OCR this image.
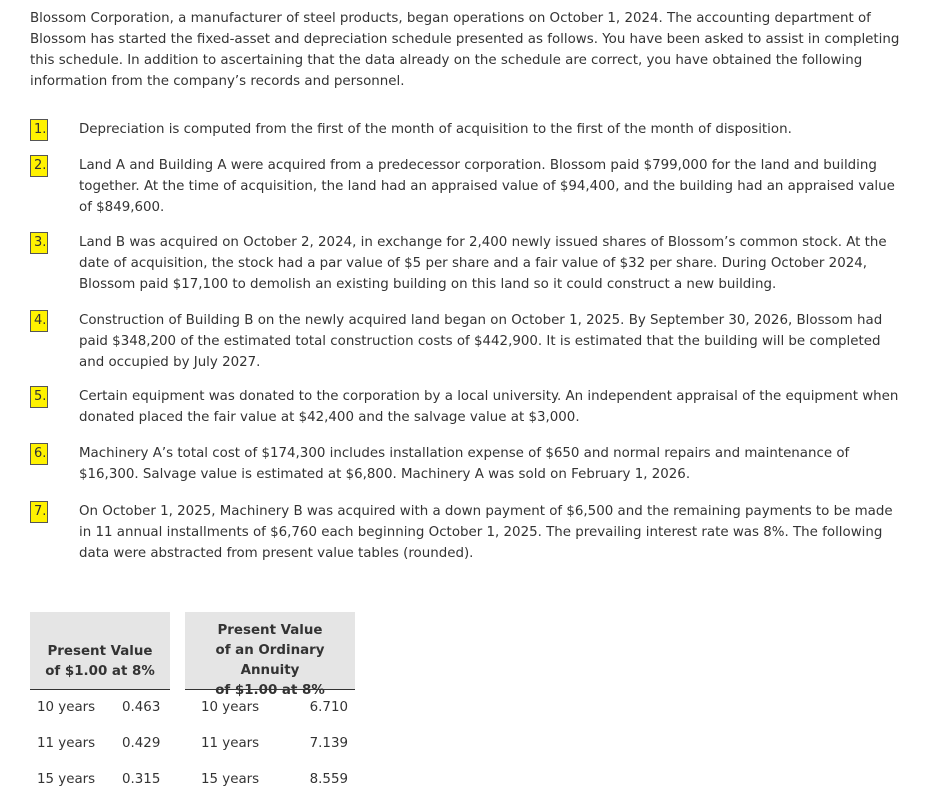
Blossom Corporation, a manufacturer of steel products, began operations on October 1, 2024. The accounting department of Blossom has started the fixed-asset and depreciation schedule presented as follows. You have been asked to assist in completing this schedule. In addition to ascertaining that the data already on the schedule are correct, you have obtained the following information from the company’s records and personnel.

1. Depreciation is computed from the first of the month of acquisition to the first of the month of disposition.

2. Land A and Building A were acquired from a predecessor corporation. Blossom paid $799,000 for the land and building together. At the time of acquisition, the land had an appraised value of $94,400, and the building had an appraised value of $849,600.

3. Land B was acquired on October 2, 2024, in exchange for 2,400 newly issued shares of Blossom’s common stock. At the date of acquisition, the stock had a par value of $5 per share and a fair value of $32 per share. During October 2024, Blossom paid $17,100 to demolish an existing building on this land so it could construct a new building.

4. Construction of Building B on the newly acquired land began on October 1, 2025. By September 30, 2026, Blossom had paid $348,200 of the estimated total construction costs of $442,900. It is estimated that the building will be completed and occupied by July 2027.

5. Certain equipment was donated to the corporation by a local university. An independent appraisal of the equipment when donated placed the fair value at $42,400 and the salvage value at $3,000.

6. Machinery A’s total cost of $174,300 includes installation expense of $650 and normal repairs and maintenance of $16,300. Salvage value is estimated at $6,800. Machinery A was sold on February 1, 2026.

7. On October 1, 2025, Machinery B was acquired with a down payment of $6,500 and the remaining payments to be made in 11 annual installments of $6,760 each beginning October 1, 2025. The prevailing interest rate was 8%. The following data were abstracted from present value tables (rounded).

Present Value
of $1.00 at 8%
Present Value
of an Ordinary Annuity
of $1.00 at 8%
10 years 0.463	10 years	6.710
11 years 0.429	11 years	7.139
15 years 0.315	15 years	8.559
